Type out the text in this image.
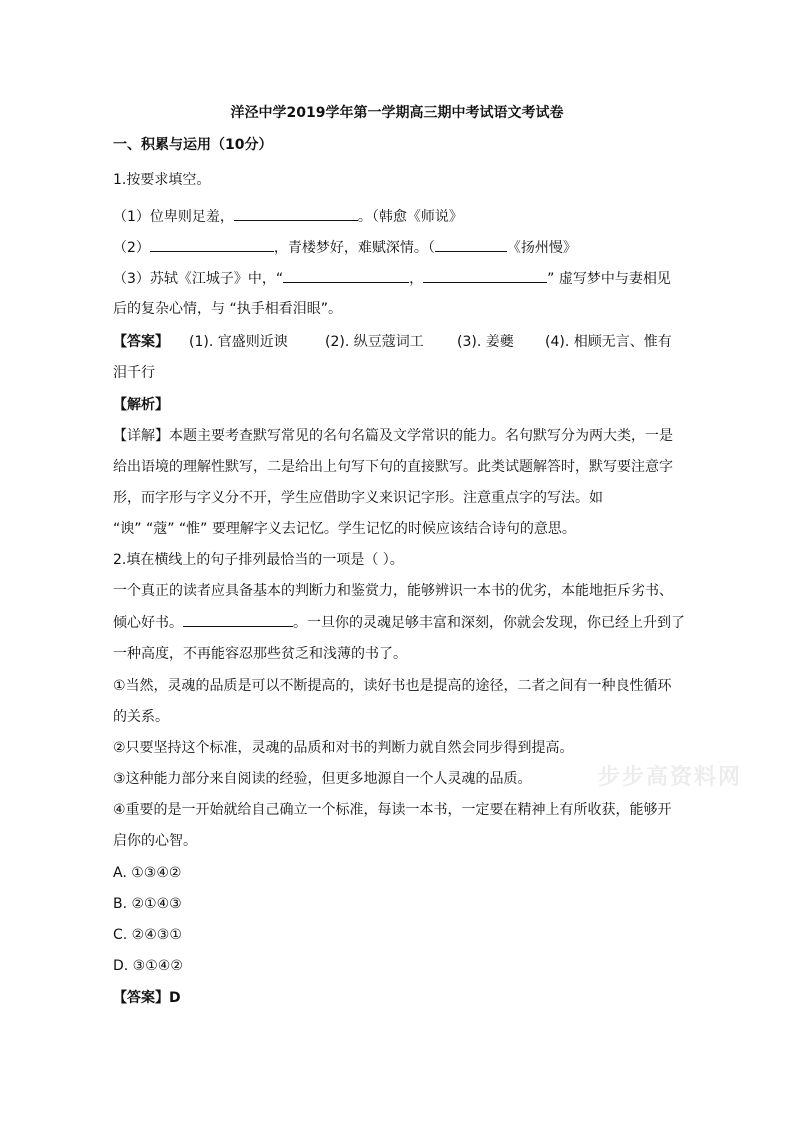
洋泾中学2019学年第一学期高三期中考试语文考试卷
一、积累与运用（10分）
1.按要求填空。
（1）位卑则足羞，	。（韩愈《师说》
（2）	，青楼梦好，难赋深情。（	《扬州慢》
（3）苏轼《江城子》中，“	，	” 虚写梦中与妻相见
后的复杂心情，与 “执手相看泪眼”。
【答案】 (1). 官盛则近谀	(2). 纵豆蔻词工 (3). 姜夔 (4). 相顾无言、惟有
泪千行
【解析】
【详解】本题主要考查默写常见的名句名篇及文学常识的能力。名句默写分为两大类，一是
给出语境的理解性默写，二是给出上句写下句的直接默写。此类试题解答时，默写要注意字
形，而字形与字义分不开，学生应借助字义来识记字形。注意重点字的写法。如
“谀” “蔻” “惟” 要理解字义去记忆。学生记忆的时候应该结合诗句的意思。
2.填在横线上的句子排列最恰当的一项是（ ）。
一个真正的读者应具备基本的判断力和鉴赏力，能够辨识一本书的优劣，本能地拒斥劣书、
倾心好书。	。一旦你的灵魂足够丰富和深刻，你就会发现，你已经上升到了
一种高度，不再能容忍那些贫乏和浅薄的书了。
①当然，灵魂的品质是可以不断提高的，读好书也是提高的途径，二者之间有一种良性循环
的关系。
②只要坚持这个标准，灵魂的品质和对书的判断力就自然会同步得到提高。
③这种能力部分来自阅读的经验，但更多地源自一个人灵魂的品质。
④重要的是一开始就给自己确立一个标准，每读一本书，一定要在精神上有所收获，能够开
启你的心智。
A. ①③④②
B. ②①④③
C. ②④③①
D. ③①④②
【答案】D
步步高资料网
